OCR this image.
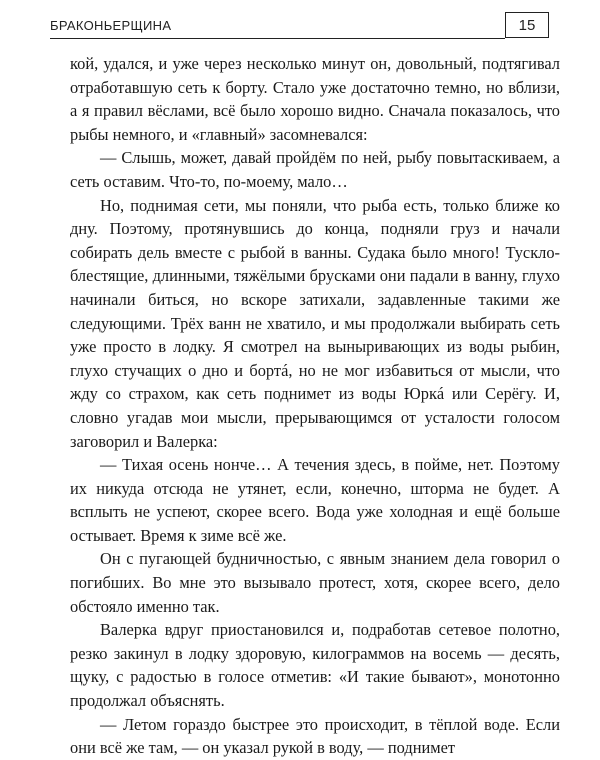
БРАКОНЬЕРЩИНА	15

кой, удался, и уже через несколько минут он, довольный, подтягивал отработавшую сеть к борту. Стало уже достаточно темно, но вблизи, а я правил вёслами, всё было хорошо видно. Сначала показалось, что рыбы немного, и «главный» засомневался:

— Слышь, может, давай пройдём по ней, рыбу повытаскиваем, а сеть оставим. Что-то, по-моему, мало…

Но, поднимая сети, мы поняли, что рыба есть, только ближе ко дну. Поэтому, протянувшись до конца, подняли груз и начали собирать дель вместе с рыбой в ванны. Судака было много! Тускло-блестящие, длинными, тяжёлыми брусками они падали в ванну, глухо начинали биться, но вскоре затихали, задавленные такими же следующими. Трёх ванн не хватило, и мы продолжали выбирать сеть уже просто в лодку. Я смотрел на выныривающих из воды рыбин, глухо стучащих о дно и бортá, но не мог избавиться от мысли, что жду со страхом, как сеть поднимет из воды Юркá или Серёгу. И, словно угадав мои мысли, прерывающимся от усталости голосом заговорил и Валерка:

— Тихая осень нонче… А течения здесь, в пойме, нет. Поэтому их никуда отсюда не утянет, если, конечно, шторма не будет. А всплыть не успеют, скорее всего. Вода уже холодная и ещё больше остывает. Время к зиме всё же.

Он с пугающей будничностью, с явным знанием дела говорил о погибших. Во мне это вызывало протест, хотя, скорее всего, дело обстояло именно так.

Валерка вдруг приостановился и, подработав сетевое полотно, резко закинул в лодку здоровую, килограммов на восемь — десять, щуку, с радостью в голосе отметив: «И такие бывают», монотонно продолжал объяснять.

— Летом гораздо быстрее это происходит, в тёплой воде. Если они всё же там, — он указал рукой в воду, — поднимет
